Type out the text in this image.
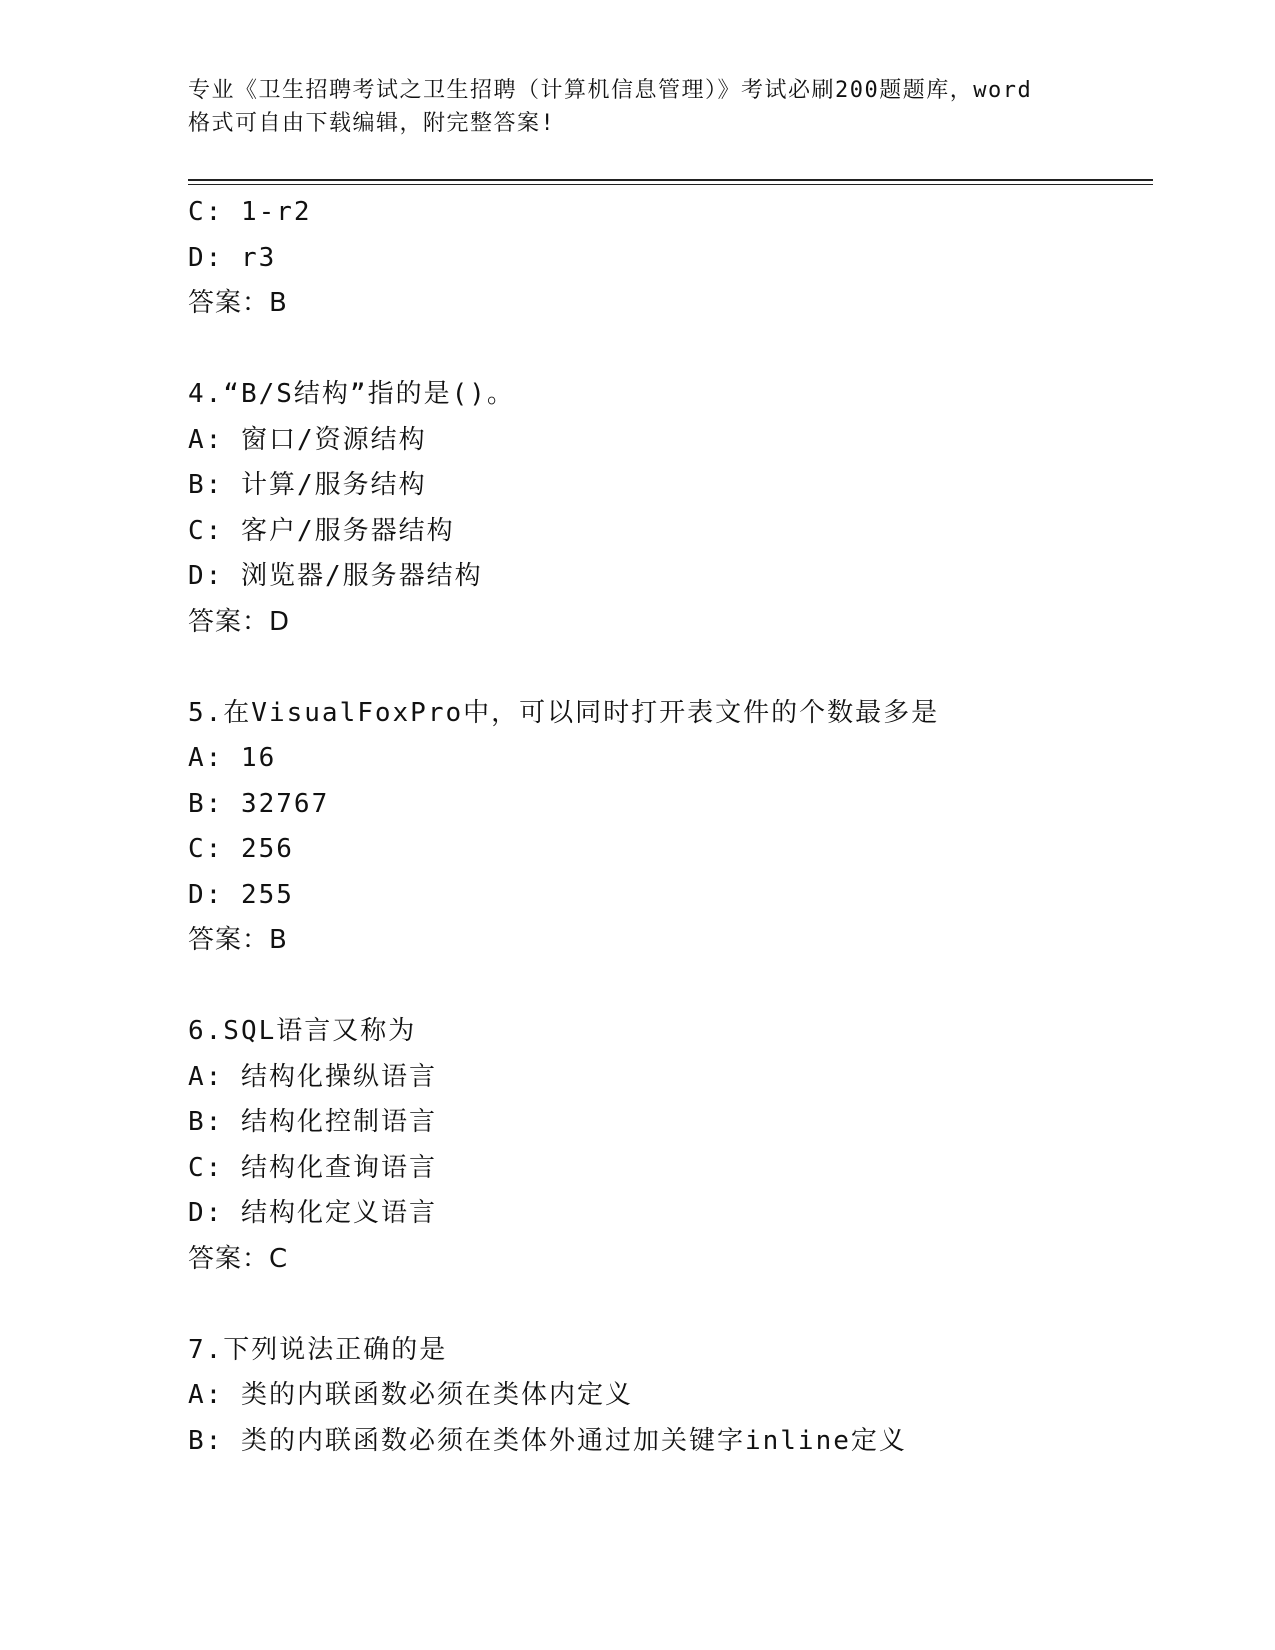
专业《卫生招聘考试之卫生招聘（计算机信息管理）》考试必刷200题题库，word
格式可自由下载编辑，附完整答案!
C: 1-r2
D: r3
答案：B
4.“B/S结构”指的是()。
A: 窗口/资源结构
B: 计算/服务结构
C: 客户/服务器结构
D: 浏览器/服务器结构
答案：D
5.在VisualFoxPro中，可以同时打开表文件的个数最多是
A: 16
B: 32767
C: 256
D: 255
答案：B
6.SQL语言又称为
A: 结构化操纵语言
B: 结构化控制语言
C: 结构化查询语言
D: 结构化定义语言
答案：C
7.下列说法正确的是
A: 类的内联函数必须在类体内定义
B: 类的内联函数必须在类体外通过加关键字inline定义
